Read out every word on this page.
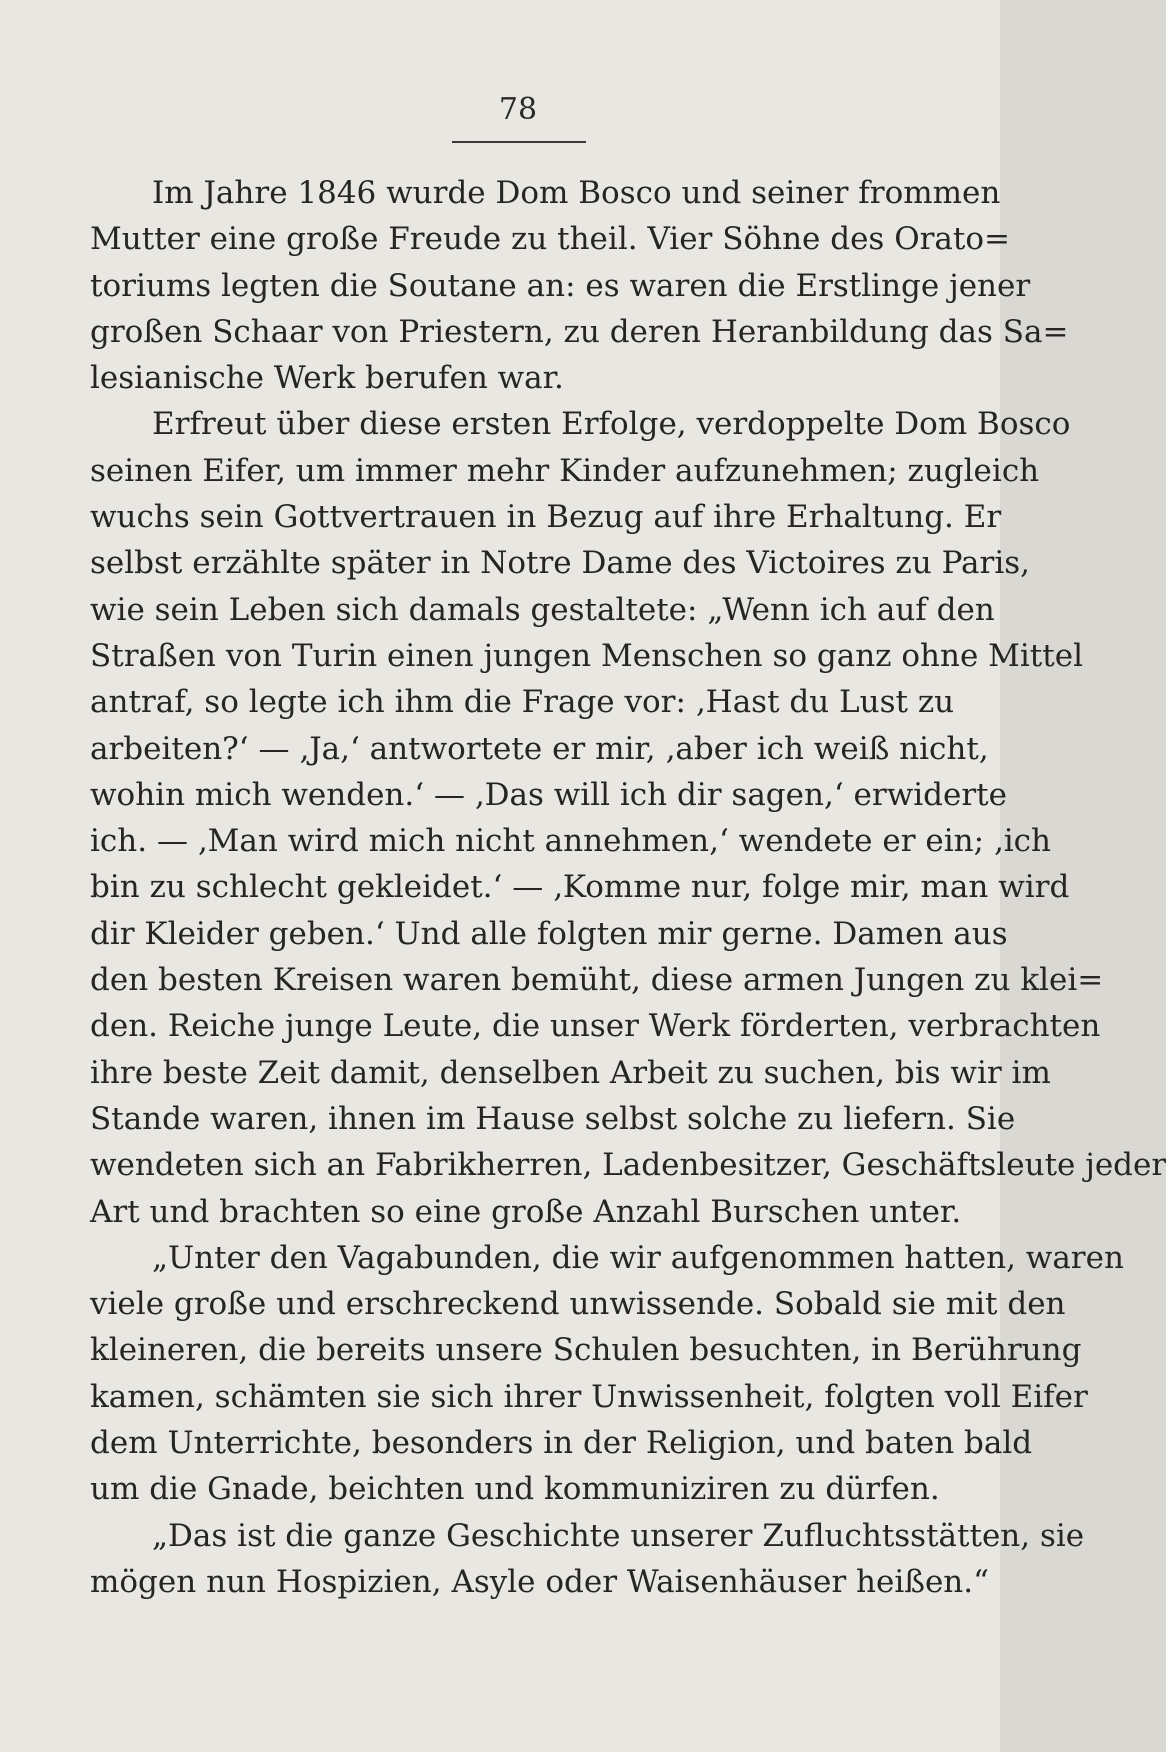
78

Im Jahre 1846 wurde Dom Bosco und seiner frommen
Mutter eine große Freude zu theil. Vier Söhne des Orato=
toriums legten die Soutane an: es waren die Erstlinge jener
großen Schaar von Priestern, zu deren Heranbildung das Sa=
lesianische Werk berufen war.

Erfreut über diese ersten Erfolge, verdoppelte Dom Bosco
seinen Eifer, um immer mehr Kinder aufzunehmen; zugleich
wuchs sein Gottvertrauen in Bezug auf ihre Erhaltung. Er
selbst erzählte später in Notre Dame des Victoires zu Paris,
wie sein Leben sich damals gestaltete: „Wenn ich auf den
Straßen von Turin einen jungen Menschen so ganz ohne Mittel
antraf, so legte ich ihm die Frage vor: ‚Hast du Lust zu
arbeiten?‘ — ‚Ja,‘ antwortete er mir, ‚aber ich weiß nicht,
wohin mich wenden.‘ — ‚Das will ich dir sagen,‘ erwiderte
ich. — ‚Man wird mich nicht annehmen,‘ wendete er ein; ‚ich
bin zu schlecht gekleidet.‘ — ‚Komme nur, folge mir, man wird
dir Kleider geben.‘ Und alle folgten mir gerne. Damen aus
den besten Kreisen waren bemüht, diese armen Jungen zu klei=
den. Reiche junge Leute, die unser Werk förderten, verbrachten
ihre beste Zeit damit, denselben Arbeit zu suchen, bis wir im
Stande waren, ihnen im Hause selbst solche zu liefern. Sie
wendeten sich an Fabrikherren, Ladenbesitzer, Geschäftsleute jeder
Art und brachten so eine große Anzahl Burschen unter.

„Unter den Vagabunden, die wir aufgenommen hatten, waren
viele große und erschreckend unwissende. Sobald sie mit den
kleineren, die bereits unsere Schulen besuchten, in Berührung
kamen, schämten sie sich ihrer Unwissenheit, folgten voll Eifer
dem Unterrichte, besonders in der Religion, und baten bald
um die Gnade, beichten und kommuniziren zu dürfen.

„Das ist die ganze Geschichte unserer Zufluchtsstätten, sie
mögen nun Hospizien, Asyle oder Waisenhäuser heißen.“
